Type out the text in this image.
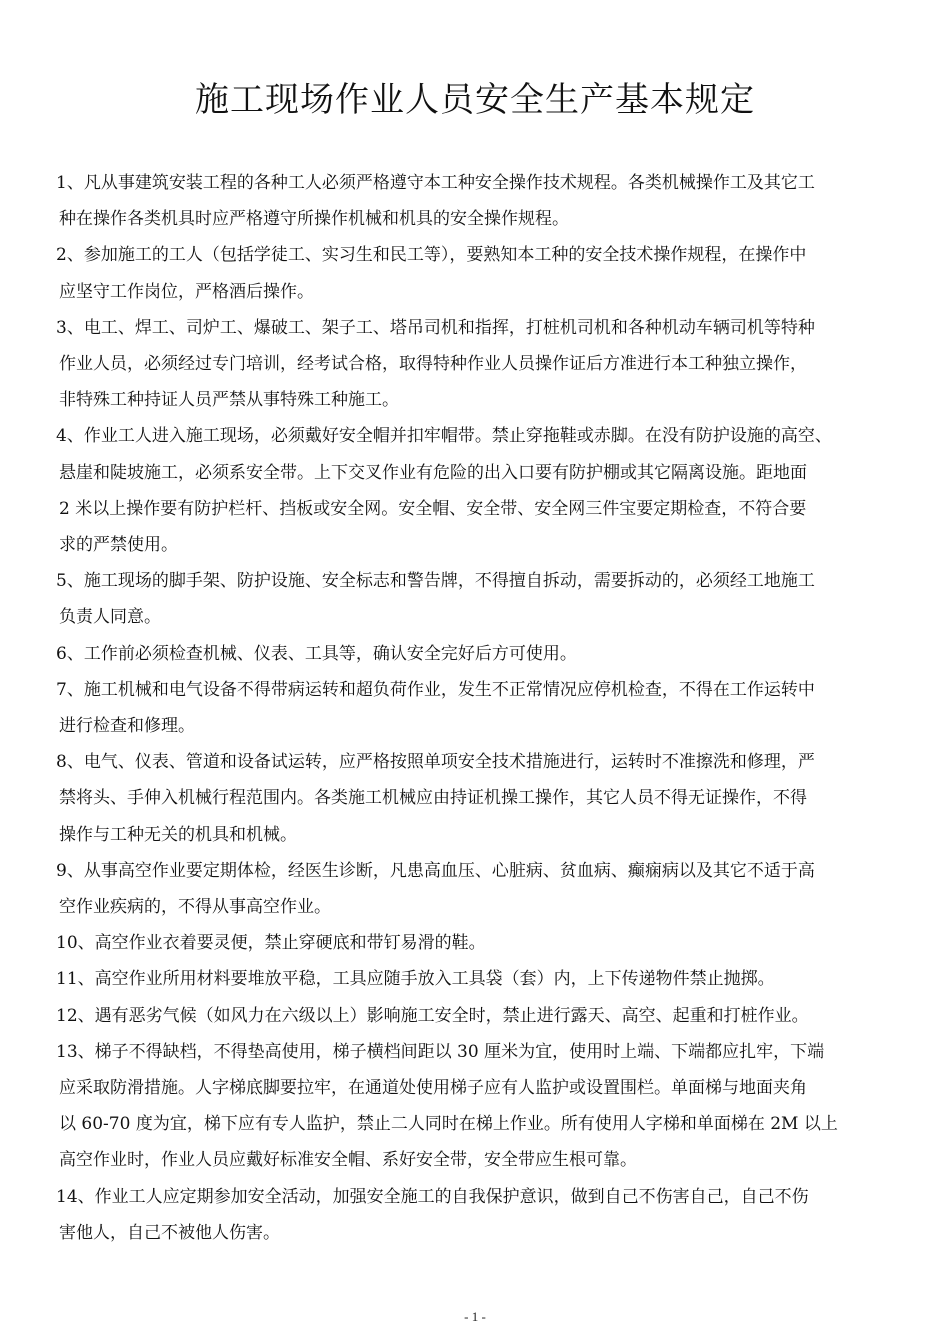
施工现场作业人员安全生产基本规定

1、凡从事建筑安装工程的各种工人必须严格遵守本工种安全操作技术规程。各类机械操作工及其它工
种在操作各类机具时应严格遵守所操作机械和机具的安全操作规程。

2、参加施工的工人（包括学徒工、实习生和民工等），要熟知本工种的安全技术操作规程，在操作中
应坚守工作岗位，严格酒后操作。

3、电工、焊工、司炉工、爆破工、架子工、塔吊司机和指挥，打桩机司机和各种机动车辆司机等特种
作业人员，必须经过专门培训，经考试合格，取得特种作业人员操作证后方准进行本工种独立操作，
非特殊工种持证人员严禁从事特殊工种施工。

4、作业工人进入施工现场，必须戴好安全帽并扣牢帽带。禁止穿拖鞋或赤脚。在没有防护设施的高空、
悬崖和陡坡施工，必须系安全带。上下交叉作业有危险的出入口要有防护棚或其它隔离设施。距地面
2 米以上操作要有防护栏杆、挡板或安全网。安全帽、安全带、安全网三件宝要定期检查，不符合要
求的严禁使用。

5、施工现场的脚手架、防护设施、安全标志和警告牌，不得擅自拆动，需要拆动的，必须经工地施工
负责人同意。

6、工作前必须检查机械、仪表、工具等，确认安全完好后方可使用。

7、施工机械和电气设备不得带病运转和超负荷作业，发生不正常情况应停机检查，不得在工作运转中
进行检查和修理。

8、电气、仪表、管道和设备试运转，应严格按照单项安全技术措施进行，运转时不准擦洗和修理，严
禁将头、手伸入机械行程范围内。各类施工机械应由持证机操工操作，其它人员不得无证操作，不得
操作与工种无关的机具和机械。

9、从事高空作业要定期体检，经医生诊断，凡患高血压、心脏病、贫血病、癫痫病以及其它不适于高
空作业疾病的，不得从事高空作业。

10、高空作业衣着要灵便，禁止穿硬底和带钉易滑的鞋。

11、高空作业所用材料要堆放平稳，工具应随手放入工具袋（套）内，上下传递物件禁止抛掷。

12、遇有恶劣气候（如风力在六级以上）影响施工安全时，禁止进行露天、高空、起重和打桩作业。

13、梯子不得缺档，不得垫高使用，梯子横档间距以 30 厘米为宜，使用时上端、下端都应扎牢，下端
应采取防滑措施。人字梯底脚要拉牢，在通道处使用梯子应有人监护或设置围栏。单面梯与地面夹角
以 60-70 度为宜，梯下应有专人监护，禁止二人同时在梯上作业。所有使用人字梯和单面梯在 2M 以上
高空作业时，作业人员应戴好标准安全帽、系好安全带，安全带应生根可靠。

14、作业工人应定期参加安全活动，加强安全施工的自我保护意识，做到自己不伤害自己，自己不伤
害他人，自己不被他人伤害。

- 1 -
